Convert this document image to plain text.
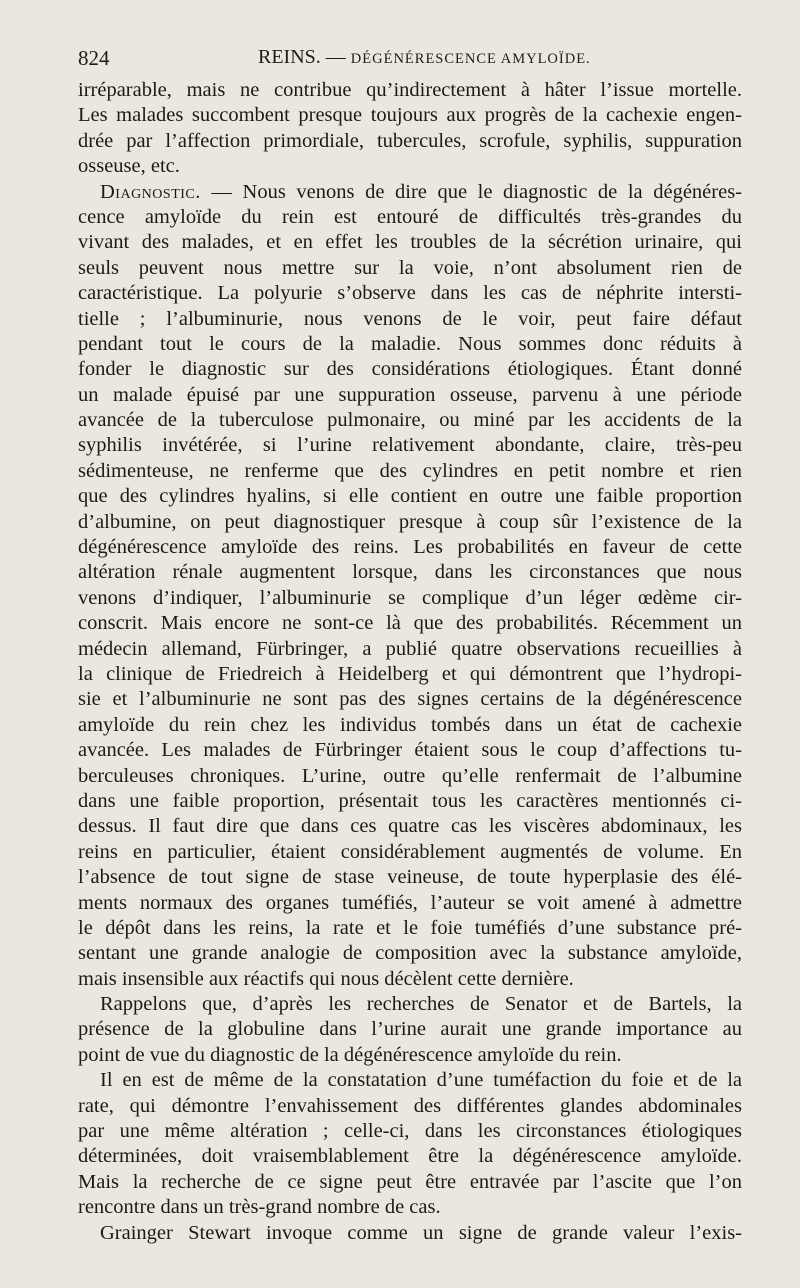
824	REINS. — DÉGÉNÉRESCENCE AMYLOÏDE.
irréparable, mais ne contribue qu’indirectement à hâter l’issue mortelle.
Les malades succombent presque toujours aux progrès de la cachexie engen-
drée par l’affection primordiale, tubercules, scrofule, syphilis, suppuration
osseuse, etc.
Diagnostic. — Nous venons de dire que le diagnostic de la dégénéres-
cence amyloïde du rein est entouré de difficultés très-grandes du
vivant des malades, et en effet les troubles de la sécrétion urinaire, qui
seuls peuvent nous mettre sur la voie, n’ont absolument rien de
caractéristique. La polyurie s’observe dans les cas de néphrite intersti-
tielle ; l’albuminurie, nous venons de le voir, peut faire défaut
pendant tout le cours de la maladie. Nous sommes donc réduits à
fonder le diagnostic sur des considérations étiologiques. Étant donné
un malade épuisé par une suppuration osseuse, parvenu à une période
avancée de la tuberculose pulmonaire, ou miné par les accidents de la
syphilis invétérée, si l’urine relativement abondante, claire, très-peu
sédimenteuse, ne renferme que des cylindres en petit nombre et rien
que des cylindres hyalins, si elle contient en outre une faible proportion
d’albumine, on peut diagnostiquer presque à coup sûr l’existence de la
dégénérescence amyloïde des reins. Les probabilités en faveur de cette
altération rénale augmentent lorsque, dans les circonstances que nous
venons d’indiquer, l’albuminurie se complique d’un léger œdème cir-
conscrit. Mais encore ne sont-ce là que des probabilités. Récemment un
médecin allemand, Fürbringer, a publié quatre observations recueillies à
la clinique de Friedreich à Heidelberg et qui démontrent que l’hydropi-
sie et l’albuminurie ne sont pas des signes certains de la dégénérescence
amyloïde du rein chez les individus tombés dans un état de cachexie
avancée. Les malades de Fürbringer étaient sous le coup d’affections tu-
berculeuses chroniques. L’urine, outre qu’elle renfermait de l’albumine
dans une faible proportion, présentait tous les caractères mentionnés ci-
dessus. Il faut dire que dans ces quatre cas les viscères abdominaux, les
reins en particulier, étaient considérablement augmentés de volume. En
l’absence de tout signe de stase veineuse, de toute hyperplasie des élé-
ments normaux des organes tuméfiés, l’auteur se voit amené à admettre
le dépôt dans les reins, la rate et le foie tuméfiés d’une substance pré-
sentant une grande analogie de composition avec la substance amyloïde,
mais insensible aux réactifs qui nous décèlent cette dernière.
Rappelons que, d’après les recherches de Senator et de Bartels, la
présence de la globuline dans l’urine aurait une grande importance au
point de vue du diagnostic de la dégénérescence amyloïde du rein.
Il en est de même de la constatation d’une tuméfaction du foie et de la
rate, qui démontre l’envahissement des différentes glandes abdominales
par une même altération ; celle-ci, dans les circonstances étiologiques
déterminées, doit vraisemblablement être la dégénérescence amyloïde.
Mais la recherche de ce signe peut être entravée par l’ascite que l’on
rencontre dans un très-grand nombre de cas.
Grainger Stewart invoque comme un signe de grande valeur l’exis-
